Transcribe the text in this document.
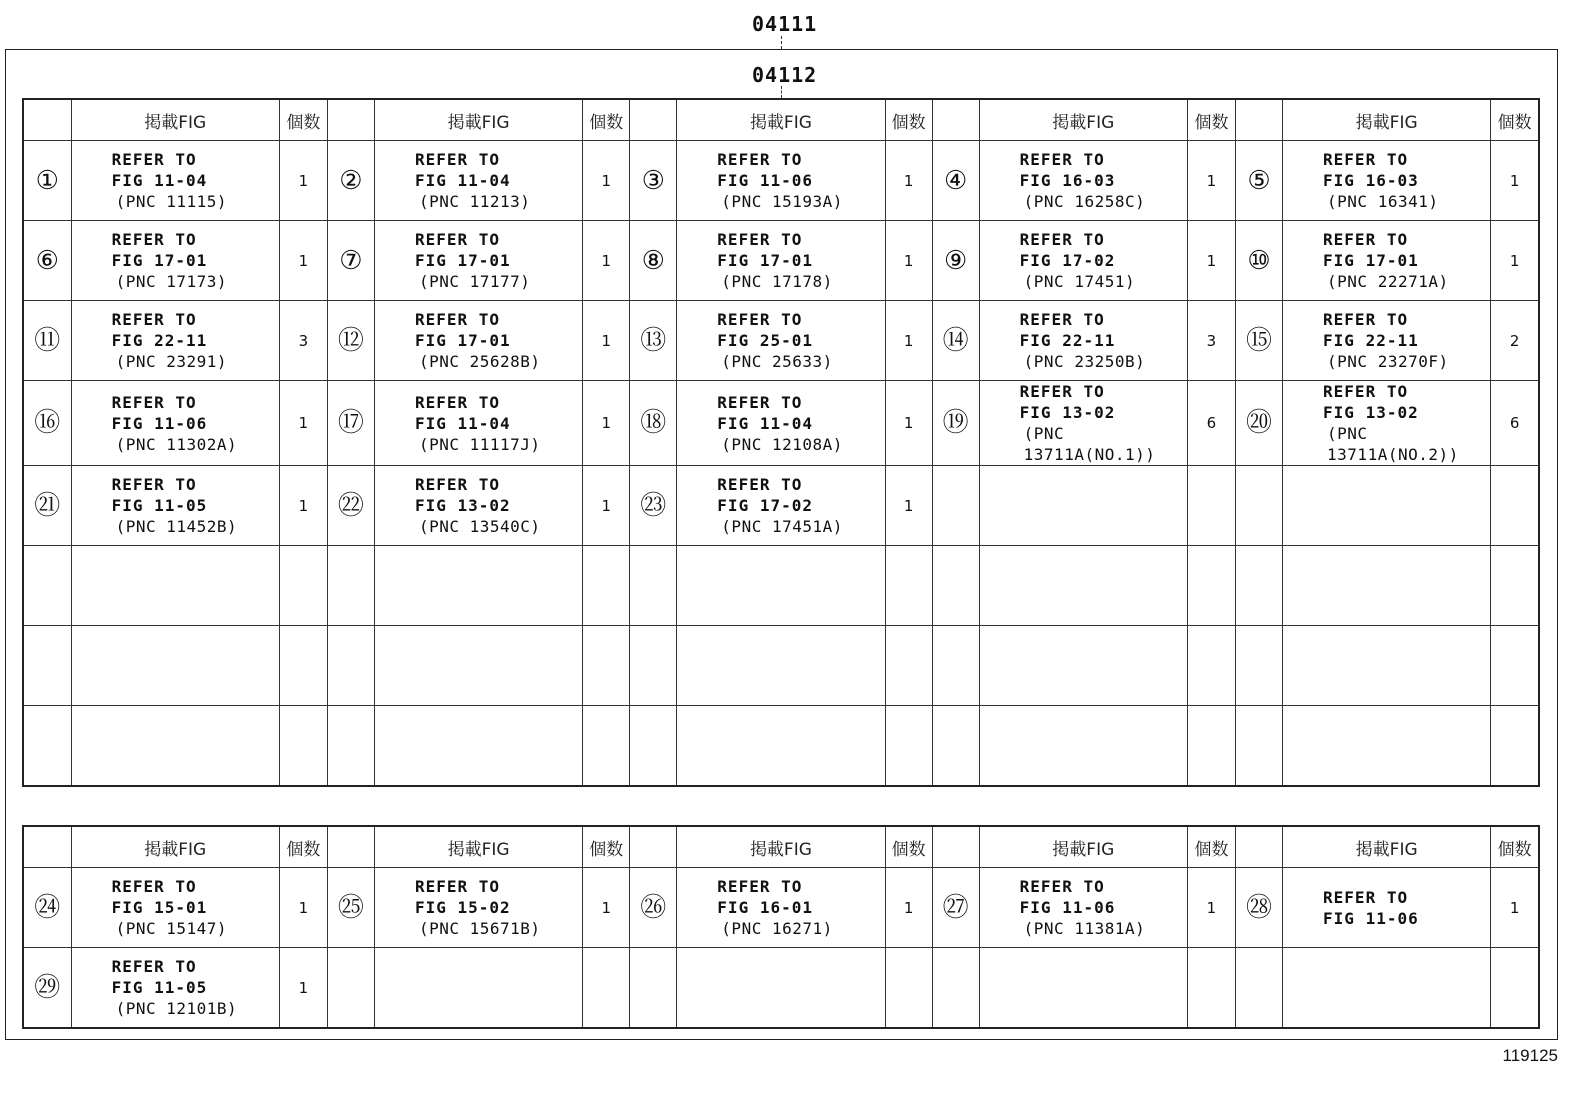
04111
04112
	掲載FIG	個数		掲載FIG	個数		掲載FIG	個数		掲載FIG	個数		掲載FIG	個数
①	REFER TO
FIG 11-04
(PNC 11115)	1	②	REFER TO
FIG 11-04
(PNC 11213)	1	③	REFER TO
FIG 11-06
(PNC 15193A)	1	④	REFER TO
FIG 16-03
(PNC 16258C)	1	⑤	REFER TO
FIG 16-03
(PNC 16341)	1
⑥	REFER TO
FIG 17-01
(PNC 17173)	1	⑦	REFER TO
FIG 17-01
(PNC 17177)	1	⑧	REFER TO
FIG 17-01
(PNC 17178)	1	⑨	REFER TO
FIG 17-02
(PNC 17451)	1	⑩	REFER TO
FIG 17-01
(PNC 22271A)	1
⑪	REFER TO
FIG 22-11
(PNC 23291)	3	⑫	REFER TO
FIG 17-01
(PNC 25628B)	1	⑬	REFER TO
FIG 25-01
(PNC 25633)	1	⑭	REFER TO
FIG 22-11
(PNC 23250B)	3	⑮	REFER TO
FIG 22-11
(PNC 23270F)	2
⑯	REFER TO
FIG 11-06
(PNC 11302A)	1	⑰	REFER TO
FIG 11-04
(PNC 11117J)	1	⑱	REFER TO
FIG 11-04
(PNC 12108A)	1	⑲	REFER TO
FIG 13-02
(PNC 13711A(NO.1))	6	⑳	REFER TO
FIG 13-02
(PNC 13711A(NO.2))	6
㉑	REFER TO
FIG 11-05
(PNC 11452B)	1	㉒	REFER TO
FIG 13-02
(PNC 13540C)	1	㉓	REFER TO
FIG 17-02
(PNC 17451A)	1						

	掲載FIG	個数		掲載FIG	個数		掲載FIG	個数		掲載FIG	個数		掲載FIG	個数
㉔	REFER TO
FIG 15-01
(PNC 15147)	1	㉕	REFER TO
FIG 15-02
(PNC 15671B)	1	㉖	REFER TO
FIG 16-01
(PNC 16271)	1	㉗	REFER TO
FIG 11-06
(PNC 11381A)	1	㉘	REFER TO
FIG 11-06	1
㉙	REFER TO
FIG 11-05
(PNC 12101B)	1												
119125
